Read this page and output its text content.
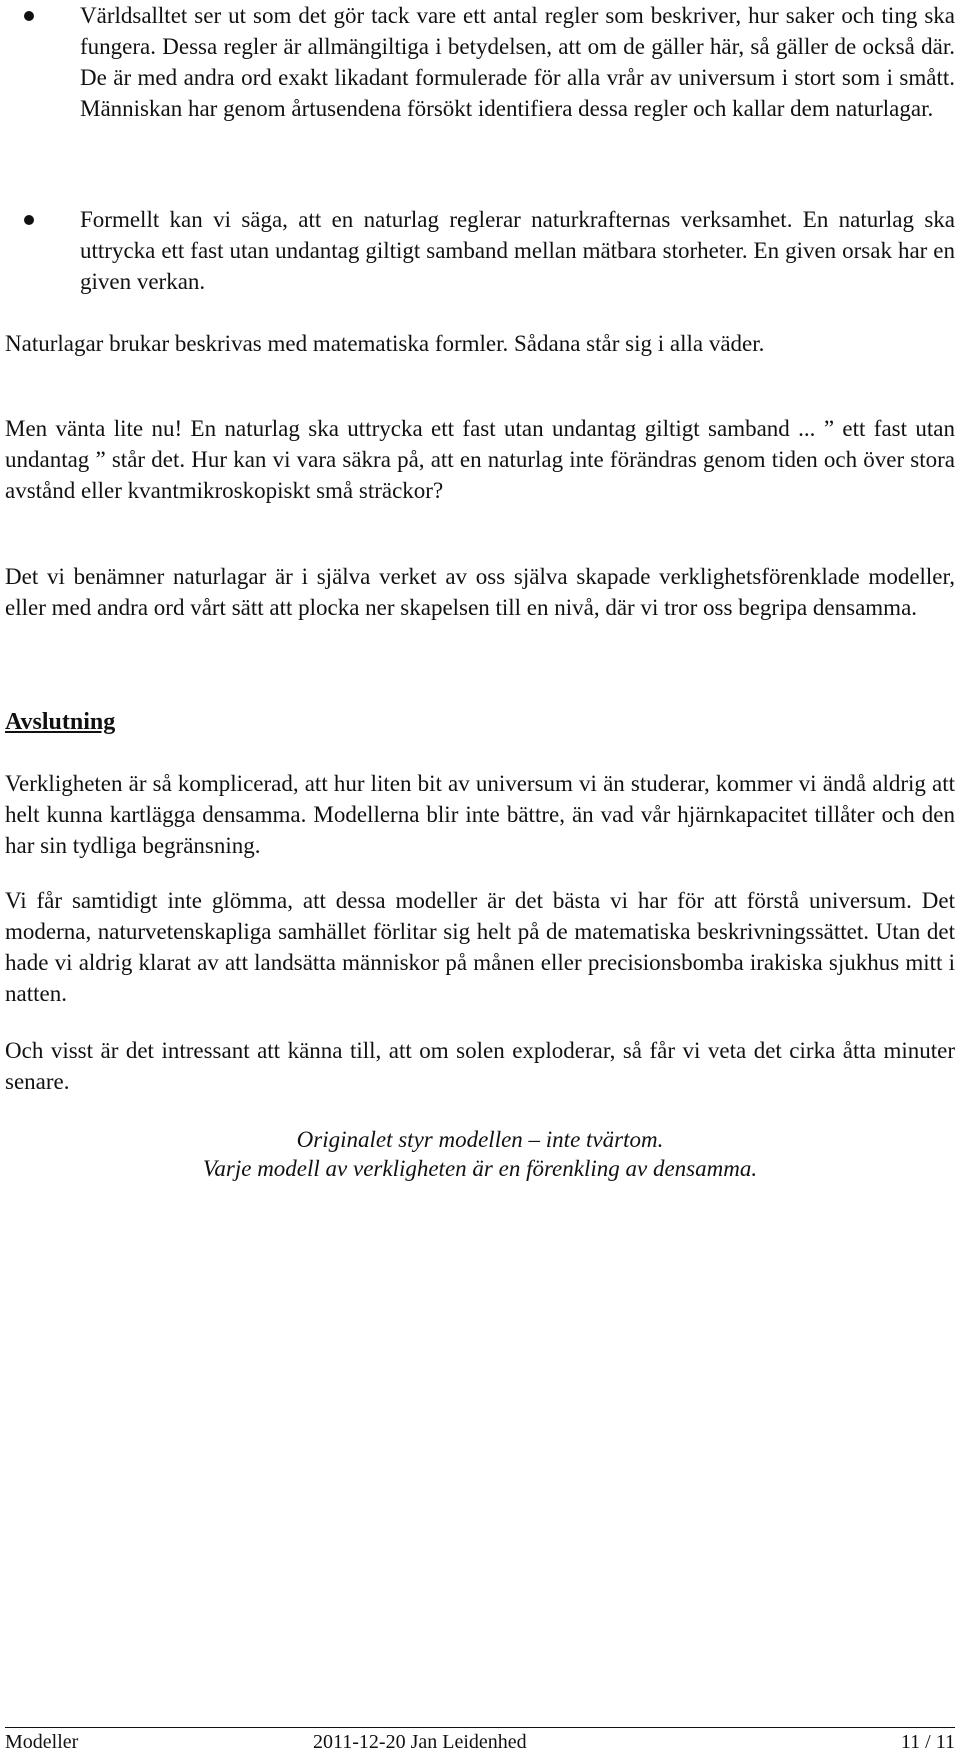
Världsalltet ser ut som det gör tack vare ett antal regler som beskriver, hur saker och ting ska fungera. Dessa regler är allmängiltiga i betydelsen, att om de gäller här, så gäller de också där. De är med andra ord exakt likadant formulerade för alla vrår av universum i stort som i smått. Människan har genom årtusendena försökt identifiera dessa regler och kallar dem naturlagar.
Formellt kan vi säga, att en naturlag reglerar naturkrafternas verksamhet. En naturlag ska uttrycka ett fast utan undantag giltigt samband mellan mätbara storheter. En given orsak har en given verkan.
Naturlagar brukar beskrivas med matematiska formler. Sådana står sig i alla väder.
Men vänta lite nu! En naturlag ska uttrycka ett fast utan undantag giltigt samband ... ” ett fast utan undantag ” står det. Hur kan vi vara säkra på, att en naturlag inte förändras genom tiden och över stora avstånd eller kvantmikroskopiskt små sträckor?
Det vi benämner naturlagar är i själva verket av oss själva skapade verklighetsförenklade modeller, eller med andra ord vårt sätt att plocka ner skapelsen till en nivå, där vi tror oss begripa densamma.
Avslutning
Verkligheten är så komplicerad, att hur liten bit av universum vi än studerar, kommer vi ändå aldrig att helt kunna kartlägga densamma. Modellerna blir inte bättre, än vad vår hjärnkapacitet tillåter och den har sin tydliga begränsning.
Vi får samtidigt inte glömma, att dessa modeller är det bästa vi har för att förstå universum. Det moderna, naturvetenskapliga samhället förlitar sig helt på de matematiska beskrivningssättet. Utan det hade vi aldrig klarat av att landsätta människor på månen eller precisionsbomba irakiska sjukhus mitt i natten.
Och visst är det intressant att känna till, att om solen exploderar, så får vi veta det cirka åtta minuter senare.
Originalet styr modellen – inte tvärtom.
Varje modell av verkligheten är en förenkling av densamma.
Modeller	2011-12-20 Jan Leidenhed	11 / 11
